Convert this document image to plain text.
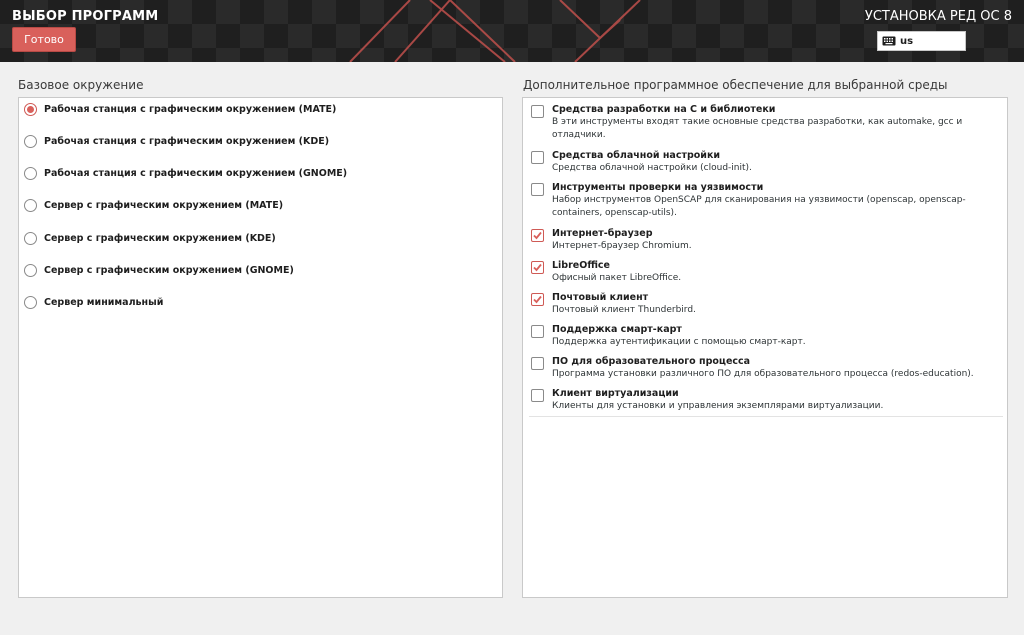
ВЫБОР ПРОГРАММ
Готово
УСТАНОВКА РЕД ОС 8
us
Базовое окружение
Рабочая станция с графическим окружением (MATE)
Рабочая станция с графическим окружением (KDE)
Рабочая станция с графическим окружением (GNOME)
Сервер с графическим окружением (MATE)
Сервер с графическим окружением (KDE)
Сервер с графическим окружением (GNOME)
Сервер минимальный
Дополнительное программное обеспечение для выбранной среды
Средства разработки на С и библиотеки
В эти инструменты входят такие основные средства разработки, как automake, gcc и отладчики.
Средства облачной настройки
Средства облачной настройки (cloud-init).
Инструменты проверки на уязвимости
Набор инструментов OpenSCAP для сканирования на уязвимости (openscap, openscap-containers, openscap-utils).
Интернет-браузер
Интернет-браузер Chromium.
LibreOffice
Офисный пакет LibreOffice.
Почтовый клиент
Почтовый клиент Thunderbird.
Поддержка смарт-карт
Поддержка аутентификации с помощью смарт-карт.
ПО для образовательного процесса
Программа установки различного ПО для образовательного процесса (redos-education).
Клиент виртуализации
Клиенты для установки и управления экземплярами виртуализации.
